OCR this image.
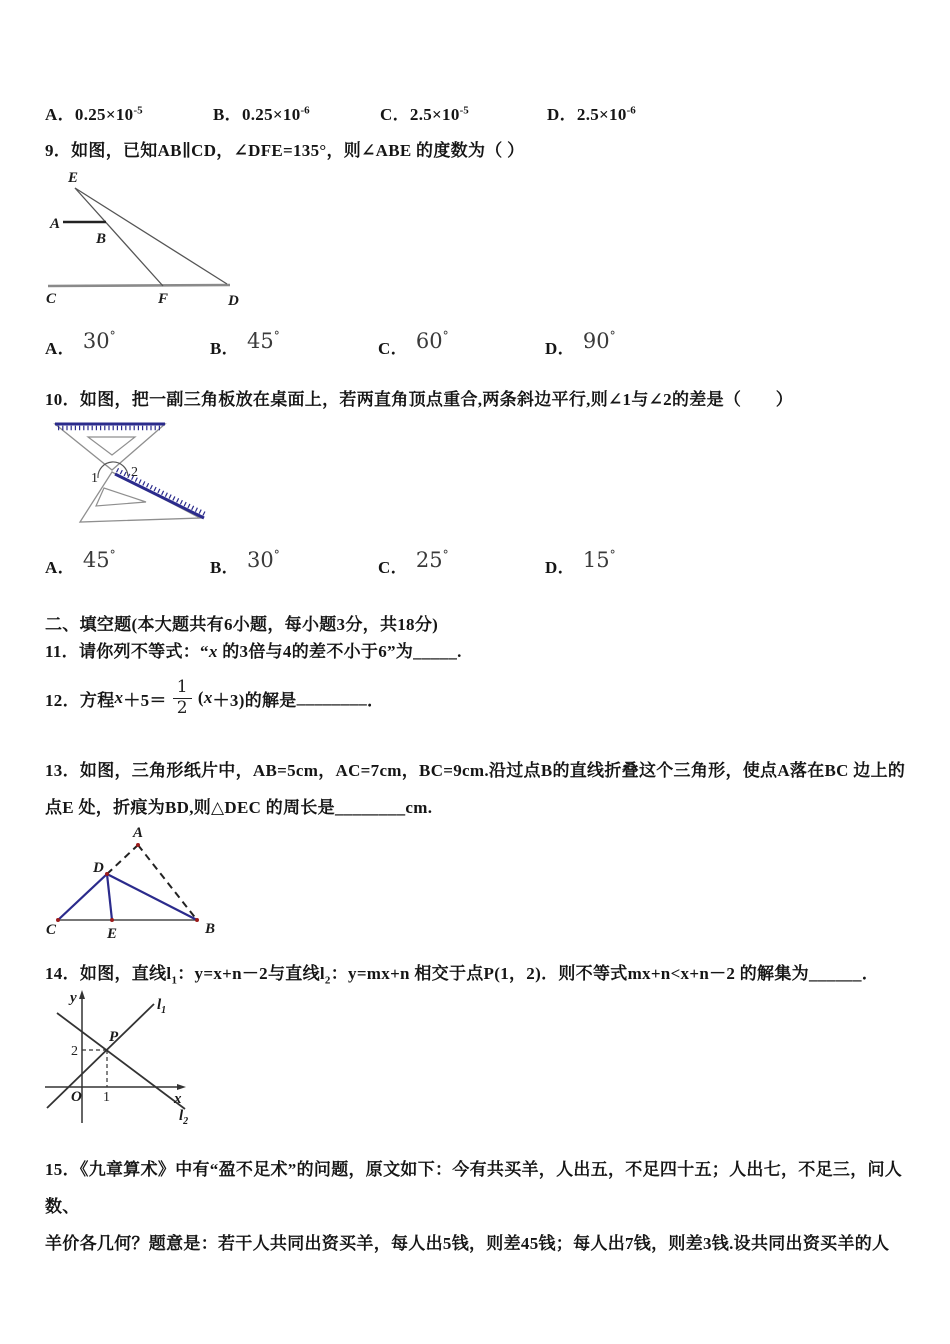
A．$0.25\times 10^{-5}$	B．$0.25\times 10^{-6}$	C．$2.5\times 10^{-5}$	D．$2.5\times 10^{-6}$
9．如图，已知AB∥CD，∠DFE=135°，则∠ABE 的度数为（ ）
E
A
B
C	F	D
A． 30°
B． 45°
C． 60°
D． 90°
10．如图，把一副三角板放在桌面上，若两直角顶点重合,两条斜边平行,则∠1与∠2的差是（　　）
1 2
A． 45°
B． 30°
C． 25°
D． 15°
二、填空题(本大题共有6小题，每小题3分，共18分)
11．请你列不等式：“x 的3倍与4的差不小于6”为_____.
12．方程 $x +5= \frac{1}{2}$ ( x ＋3) 的解是 ________ ．
13．如图，三角形纸片中，AB=5cm，AC=7cm，BC=9cm.沿过点B的直线折叠这个三角形，使点A落在BC 边上的
点E 处，折痕为BD,则△DEC 的周长是________cm.
A
D
C	E	B
14．如图，直线$l_1$：y=x+n－2与直线$l_2$：y=mx+n 相交于点P(1，2)．则不等式mx+n<x+n－2 的解集为______．
y
x
O
2
1
P
$l_1$
$l_2$
15．《九章算术》中有“盈不足术”的问题，原文如下：今有共买羊，人出五，不足四十五；人出七，不足三，问人数、
羊价各几何？题意是：若干人共同出资买羊，每人出5钱，则差45钱；每人出7钱，则差3钱.设共同出资买羊的人
